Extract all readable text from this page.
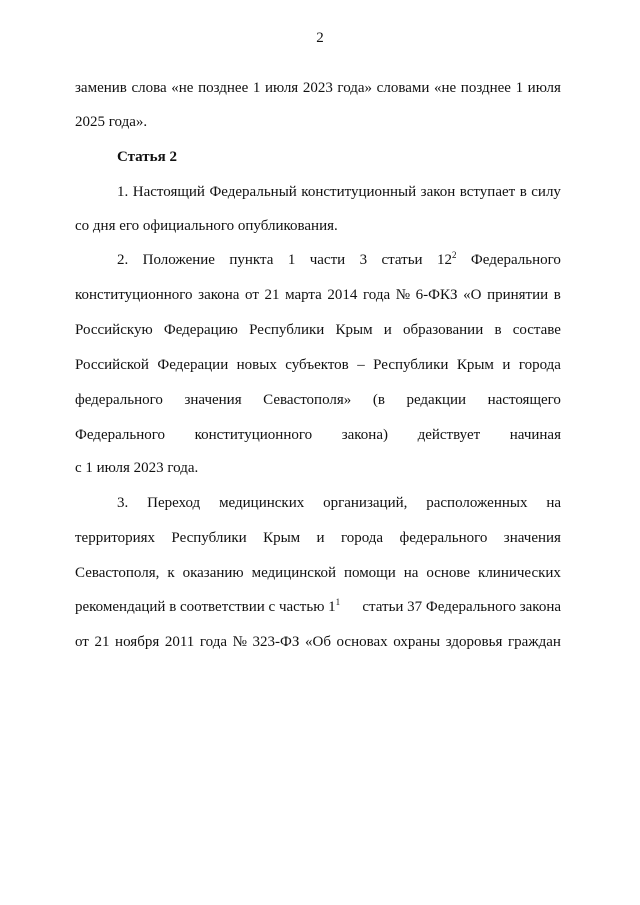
2
заменив слова «не позднее 1 июля 2023 года» словами «не позднее 1 июля
2025 года».
Статья 2
1. Настоящий Федеральный конституционный закон вступает в силу
со дня его официального опубликования.
2. Положение пункта 1 части 3 статьи $12^2$ Федерального
конституционного закона от 21 марта 2014 года № 6-ФКЗ «О принятии в
Российскую Федерацию Республики Крым и образовании в составе
Российской Федерации новых субъектов – Республики Крым и города
федерального значения Севастополя» (в редакции настоящего
Федерального конституционного закона) действует начиная
с 1 июля 2023 года.
3. Переход медицинских организаций, расположенных на
территориях Республики Крым и города федерального значения
Севастополя, к оказанию медицинской помощи на основе клинических
рекомендаций в соответствии с частью $1^1$ статьи 37 Федерального закона
от 21 ноября 2011 года № 323-ФЗ «Об основах охраны здоровья граждан
